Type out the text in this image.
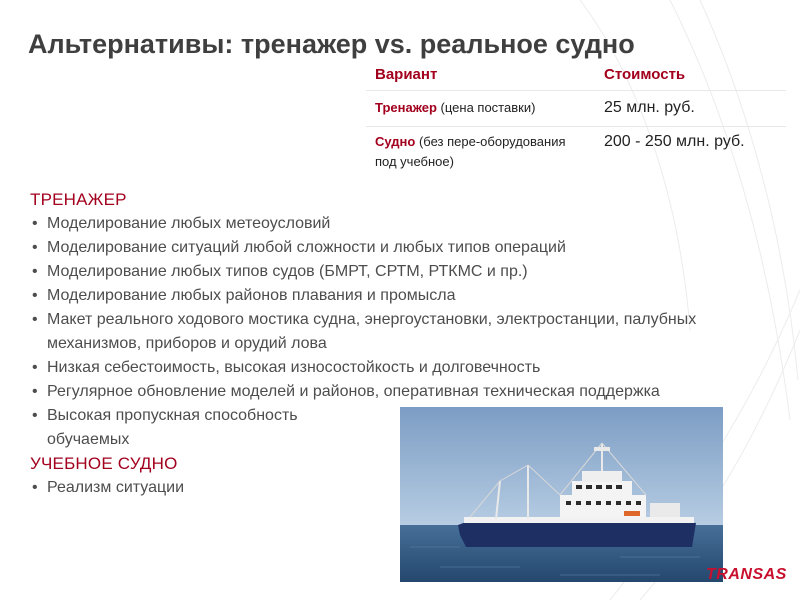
Альтернативы: тренажер vs. реальное судно
Вариант	Стоимость
Тренажер (цена поставки)	25 млн. руб.
Судно (без пере-оборудования под учебное)
200 - 250 млн. руб.
ТРЕНАЖЕР
• Моделирование любых метеоусловий
• Моделирование ситуаций любой сложности и любых типов операций
• Моделирование любых типов судов (БМРТ, СРТМ, РТКМС и пр.)
• Моделирование любых районов плавания и промысла
• Макет реального ходового мостика судна, энергоустановки, электростанции, палубных механизмов, приборов и орудий лова
• Низкая себестоимость, высокая износостойкость и долговечность
• Регулярное обновление моделей и районов, оперативная техническая поддержка
• Высокая пропускная способность обучаемых
УЧЕБНОЕ СУДНО
• Реализм ситуации
TRANSAS
